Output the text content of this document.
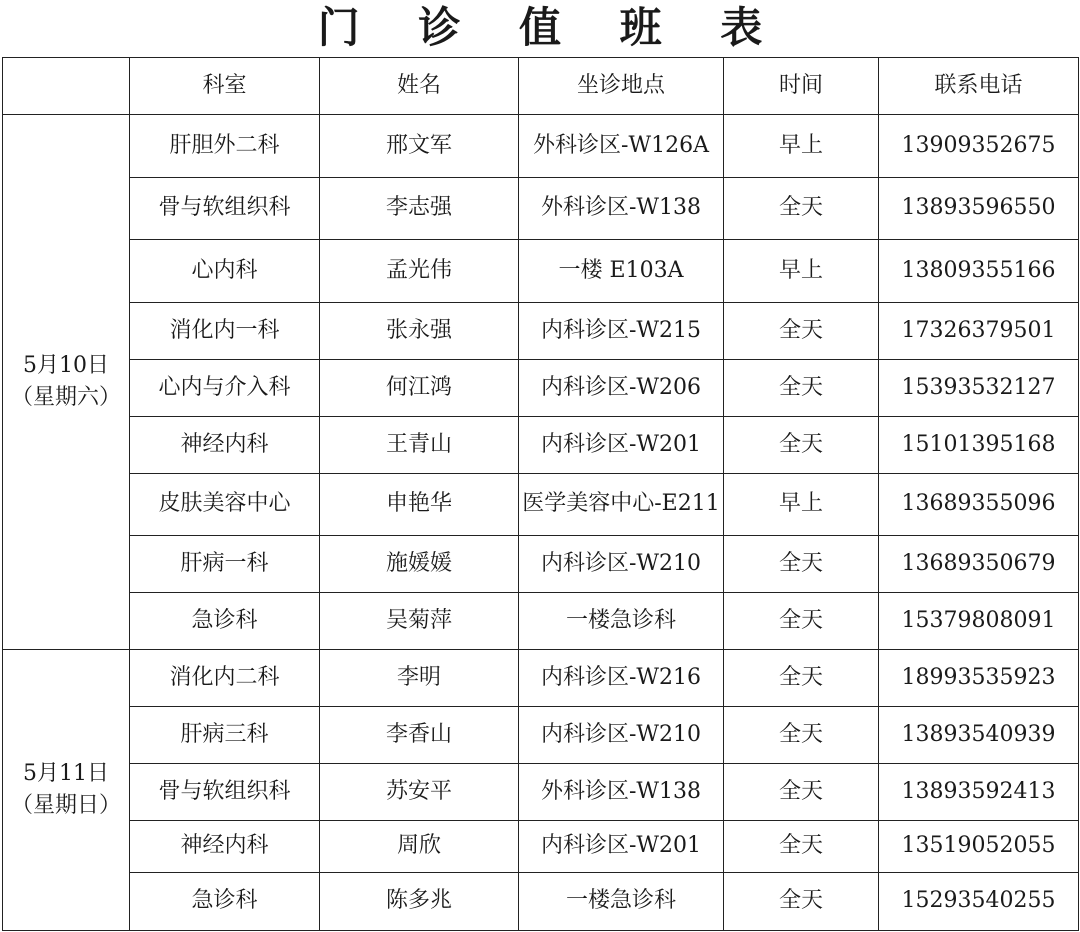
门 诊 值 班 表
	科室	姓名	坐诊地点	时间	联系电话

5月10日
（星期六）	肝胆外二科	邢文军	外科诊区-W126A	早上	13909352675
	骨与软组织科	李志强	外科诊区-W138	全天	13893596550
	心内科	孟光伟	一楼 E103A	早上	13809355166
	消化内一科	张永强	内科诊区-W215	全天	17326379501
	心内与介入科	何江鸿	内科诊区-W206	全天	15393532127
	神经内科	王青山	内科诊区-W201	全天	15101395168
	皮肤美容中心	申艳华	医学美容中心-E211	早上	13689355096
	肝病一科	施媛媛	内科诊区-W210	全天	13689350679
	急诊科	吴菊萍	一楼急诊科	全天	15379808091

5月11日
（星期日）	消化内二科	李明	内科诊区-W216	全天	18993535923
	肝病三科	李香山	内科诊区-W210	全天	13893540939
	骨与软组织科	苏安平	外科诊区-W138	全天	13893592413
	神经内科	周欣	内科诊区-W201	全天	13519052055
	急诊科	陈多兆	一楼急诊科	全天	15293540255
